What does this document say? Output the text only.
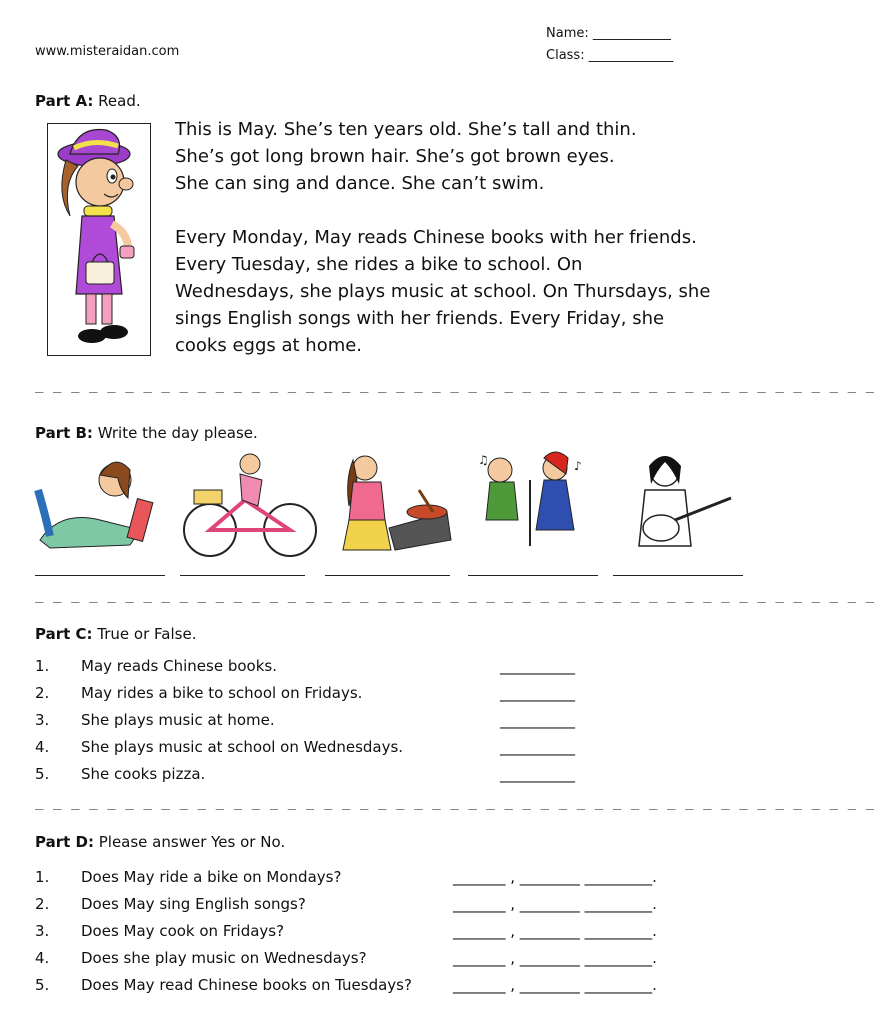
www.misteraidan.com
Name: ____________
Class: _____________
Part A: Read.

This is May. She’s ten years old. She’s tall and thin.
She’s got long brown hair. She’s got brown eyes.
She can sing and dance. She can’t swim.

Every Monday, May reads Chinese books with her friends.
Every Tuesday, she rides a bike to school. On
Wednesdays, she plays music at school. On Thursdays, she
sings English songs with her friends. Every Friday, she
cooks eggs at home.

_ _ _ _ _ _ _ _ _ _ _ _ _ _ _ _ _ _ _ _ _ _ _ _ _ _ _ _ _ _ _ _ _ _ _ _ _ _ _ _ _ _ _ _ _ _ _
Part B: Write the day please.
♪
♫
_ _ _ _ _ _ _ _ _ _ _ _ _ _ _ _ _ _ _ _ _ _ _ _ _ _ _ _ _ _ _ _ _ _ _ _ _ _ _ _ _ _ _ _ _ _ _
Part C: True or False.
1. May reads Chinese books.	__________
2. May rides a bike to school on Fridays.	__________
3. She plays music at home.	__________
4. She plays music at school on Wednesdays.	__________
5. She cooks pizza.	__________
_ _ _ _ _ _ _ _ _ _ _ _ _ _ _ _ _ _ _ _ _ _ _ _ _ _ _ _ _ _ _ _ _ _ _ _ _ _ _ _ _ _ _ _ _ _ _
Part D: Please answer Yes or No.
1. Does May ride a bike on Mondays?	_______ , ________ _________.
2. Does May sing English songs?	_______ , ________ _________.
3. Does May cook on Fridays?	_______ , ________ _________.
4. Does she play music on Wednesdays?	_______ , ________ _________.
5. Does May read Chinese books on Tuesdays?	_______ , ________ _________.
